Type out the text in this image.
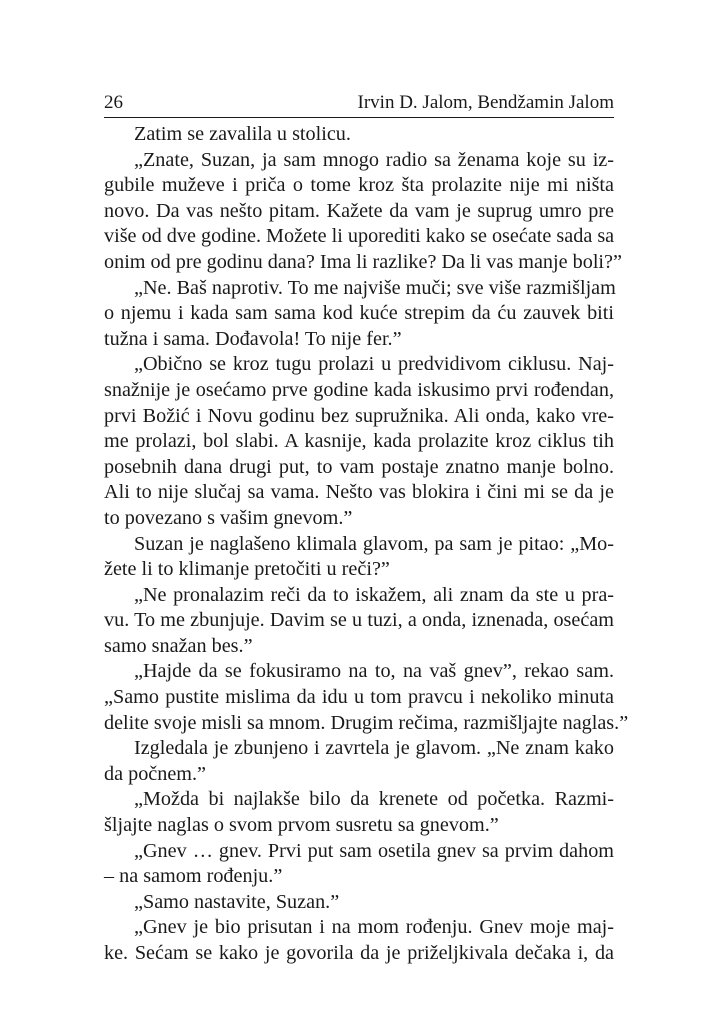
26	Irvin D. Jalom, Bendžamin Jalom
Zatim se zavalila u stolicu.
„Znate, Suzan, ja sam mnogo radio sa ženama koje su iz-
gubile muževe i priča o tome kroz šta prolazite nije mi ništa
novo. Da vas nešto pitam. Kažete da vam je suprug umro pre
više od dve godine. Možete li uporediti kako se osećate sada sa
onim od pre godinu dana? Ima li razlike? Da li vas manje boli?”
„Ne. Baš naprotiv. To me najviše muči; sve više razmišljam
o njemu i kada sam sama kod kuće strepim da ću zauvek biti
tužna i sama. Dođavola! To nije fer.”
„Obično se kroz tugu prolazi u predvidivom ciklusu. Naj-
snažnije je osećamo prve godine kada iskusimo prvi rođendan,
prvi Božić i Novu godinu bez supružnika. Ali onda, kako vre-
me prolazi, bol slabi. A kasnije, kada prolazite kroz ciklus tih
posebnih dana drugi put, to vam postaje znatno manje bolno.
Ali to nije slučaj sa vama. Nešto vas blokira i čini mi se da je
to povezano s vašim gnevom.”
Suzan je naglašeno klimala glavom, pa sam je pitao: „Mo-
žete li to klimanje pretočiti u reči?”
„Ne pronalazim reči da to iskažem, ali znam da ste u pra-
vu. To me zbunjuje. Davim se u tuzi, a onda, iznenada, osećam
samo snažan bes.”
„Hajde da se fokusiramo na to, na vaš gnev”, rekao sam.
„Samo pustite mislima da idu u tom pravcu i nekoliko minuta
delite svoje misli sa mnom. Drugim rečima, razmišljajte naglas.”
Izgledala je zbunjeno i zavrtela je glavom. „Ne znam kako
da počnem.”
„Možda bi najlakše bilo da krenete od početka. Razmi-
šljajte naglas o svom prvom susretu sa gnevom.”
„Gnev … gnev. Prvi put sam osetila gnev sa prvim dahom
– na samom rođenju.”
„Samo nastavite, Suzan.”
„Gnev je bio prisutan i na mom rođenju. Gnev moje maj-
ke. Sećam se kako je govorila da je priželjkivala dečaka i, da
